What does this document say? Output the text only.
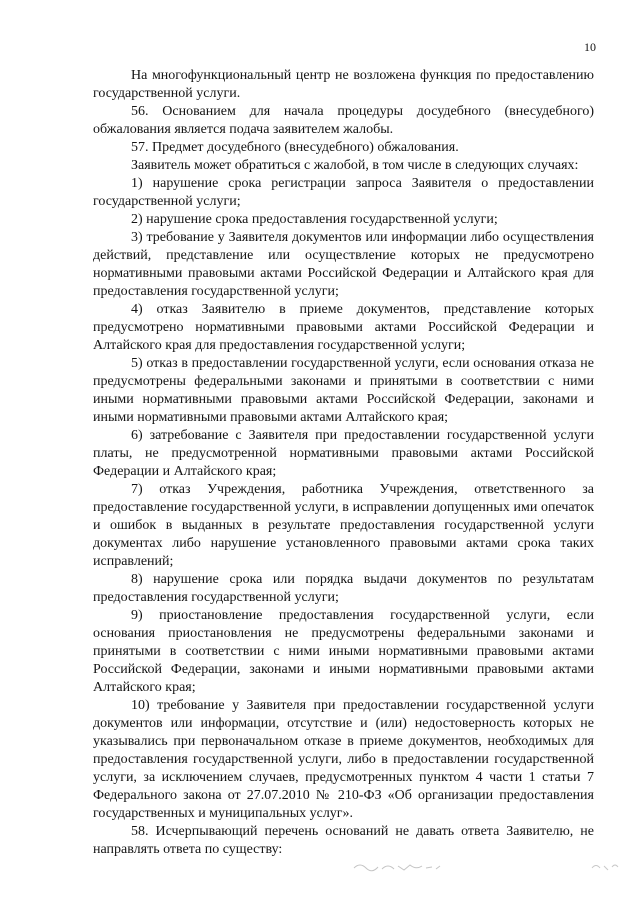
10

На многофункциональный центр не возложена функция по предоставлению государственной услуги.

56. Основанием для начала процедуры досудебного (внесудебного) обжалования является подача заявителем жалобы.

57. Предмет досудебного (внесудебного) обжалования.

Заявитель может обратиться с жалобой, в том числе в следующих случаях:

1) нарушение срока регистрации запроса Заявителя о предоставлении государственной услуги;

2) нарушение срока предоставления государственной услуги;

3) требование у Заявителя документов или информации либо осуществления действий, представление или осуществление которых не предусмотрено нормативными правовыми актами Российской Федерации и Алтайского края для предоставления государственной услуги;

4) отказ Заявителю в приеме документов, представление которых предусмотрено нормативными правовыми актами Российской Федерации и Алтайского края для предоставления государственной услуги;

5) отказ в предоставлении государственной услуги, если основания отказа не предусмотрены федеральными законами и принятыми в соответствии с ними иными нормативными правовыми актами Российской Федерации, законами и иными нормативными правовыми актами Алтайского края;

6) затребование с Заявителя при предоставлении государственной услуги платы, не предусмотренной нормативными правовыми актами Российской Федерации и Алтайского края;

7) отказ Учреждения, работника Учреждения, ответственного за предоставление государственной услуги, в исправлении допущенных ими опечаток и ошибок в выданных в результате предоставления государственной услуги документах либо нарушение установленного правовыми актами срока таких исправлений;

8) нарушение срока или порядка выдачи документов по результатам предоставления государственной услуги;

9) приостановление предоставления государственной услуги, если основания приостановления не предусмотрены федеральными законами и принятыми в соответствии с ними иными нормативными правовыми актами Российской Федерации, законами и иными нормативными правовыми актами Алтайского края;

10) требование у Заявителя при предоставлении государственной услуги документов или информации, отсутствие и (или) недостоверность которых не указывались при первоначальном отказе в приеме документов, необходимых для предоставления государственной услуги, либо в предоставлении государственной услуги, за исключением случаев, предусмотренных пунктом 4 части 1 статьи 7 Федерального закона от 27.07.2010 № 210-ФЗ «Об организации предоставления государственных и муниципальных услуг».

58. Исчерпывающий перечень оснований не давать ответа Заявителю, не направлять ответа по существу:
